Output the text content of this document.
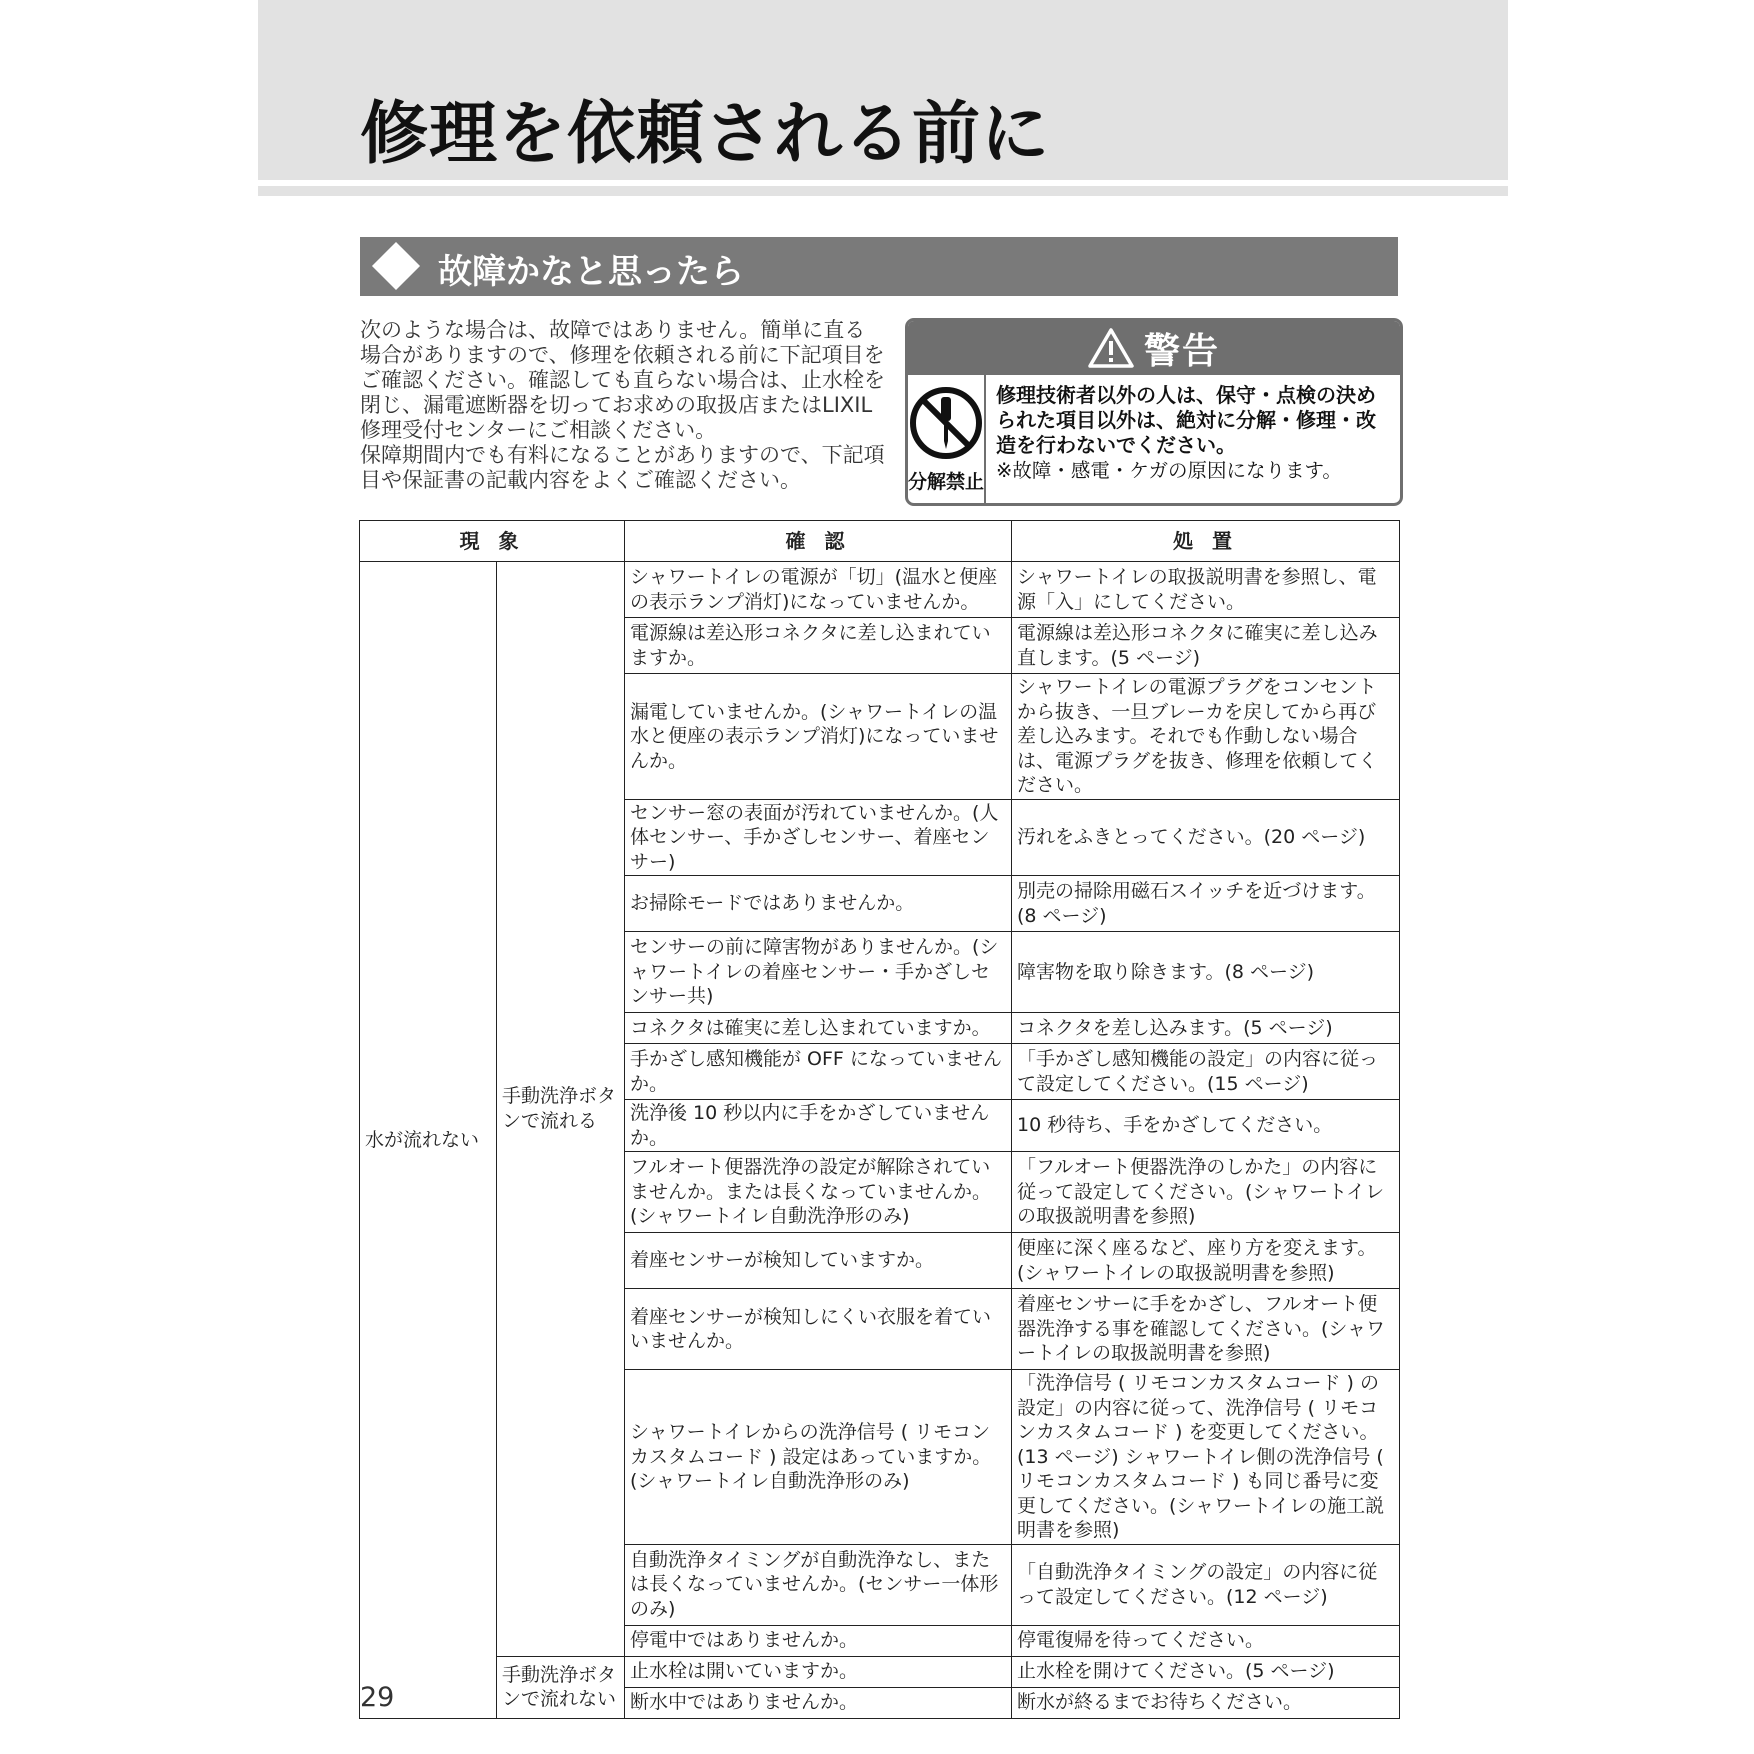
修理を依頼される前に
故障かなと思ったら

次のような場合は、故障ではありません。簡単に直る場合がありますので、修理を依頼される前に下記項目をご確認ください。確認しても直らない場合は、止水栓を閉じ、漏電遮断器を切ってお求めの取扱店またはLIXIL 修理受付センターにご相談ください。

保障期間内でも有料になることがありますので、下記項目や保証書の記載内容をよくご確認ください。

警告
分解禁止
修理技術者以外の人は、保守・点検の決められた項目以外は、絶対に分解・修理・改造を行わないでください。
※故障・感電・ケガの原因になります。
現 象		確 認	処 置
水が流れない	手動洗浄ボタンで流れる	シャワートイレの電源が「切」(温水と便座の表示ランプ消灯)になっていませんか。	シャワートイレの取扱説明書を参照し、電源「入」にしてください。
		電源線は差込形コネクタに差し込まれていますか。	電源線は差込形コネクタに確実に差し込み直します。(5 ページ)
		漏電していませんか。(シャワートイレの温水と便座の表示ランプ消灯)になっていませんか。	シャワートイレの電源プラグをコンセントから抜き、一旦ブレーカを戻してから再び差し込みます。それでも作動しない場合は、電源プラグを抜き、修理を依頼してください。
		センサー窓の表面が汚れていませんか。(人体センサー、手かざしセンサー、着座センサー)	汚れをふきとってください。(20 ページ)
		お掃除モードではありませんか。	別売の掃除用磁石スイッチを近づけます。(8 ページ)
		センサーの前に障害物がありませんか。(シャワートイレの着座センサー・手かざしセンサー共)	障害物を取り除きます。(8 ページ)
		コネクタは確実に差し込まれていますか。	コネクタを差し込みます。(5 ページ)
		手かざし感知機能が OFF になっていませんか。	「手かざし感知機能の設定」の内容に従って設定してください。(15 ページ)
		洗浄後 10 秒以内に手をかざしていませんか。	10 秒待ち、手をかざしてください。
		フルオート便器洗浄の設定が解除されていませんか。または長くなっていませんか。(シャワートイレ自動洗浄形のみ)	「フルオート便器洗浄のしかた」の内容に従って設定してください。(シャワートイレの取扱説明書を参照)
		着座センサーが検知していますか。	便座に深く座るなど、座り方を変えます。(シャワートイレの取扱説明書を参照)
		着座センサーが検知しにくい衣服を着ていいませんか。	着座センサーに手をかざし、フルオート便器洗浄する事を確認してください。(シャワートイレの取扱説明書を参照)
		シャワートイレからの洗浄信号 ( リモコンカスタムコード ) 設定はあっていますか。(シャワートイレ自動洗浄形のみ)	「洗浄信号 ( リモコンカスタムコード ) の設定」の内容に従って、洗浄信号 ( リモコンカスタムコード ) を変更してください。(13 ページ) シャワートイレ側の洗浄信号 ( リモコンカスタムコード ) も同じ番号に変更してください。(シャワートイレの施工説明書を参照)
		自動洗浄タイミングが自動洗浄なし、または長くなっていませんか。(センサー一体形のみ)	「自動洗浄タイミングの設定」の内容に従って設定してください。(12 ページ)
		停電中ではありませんか。	停電復帰を待ってください。
	手動洗浄ボタンで流れない	止水栓は開いていますか。	止水栓を開けてください。(5 ページ)
		断水中ではありませんか。	断水が終るまでお待ちください。
29
